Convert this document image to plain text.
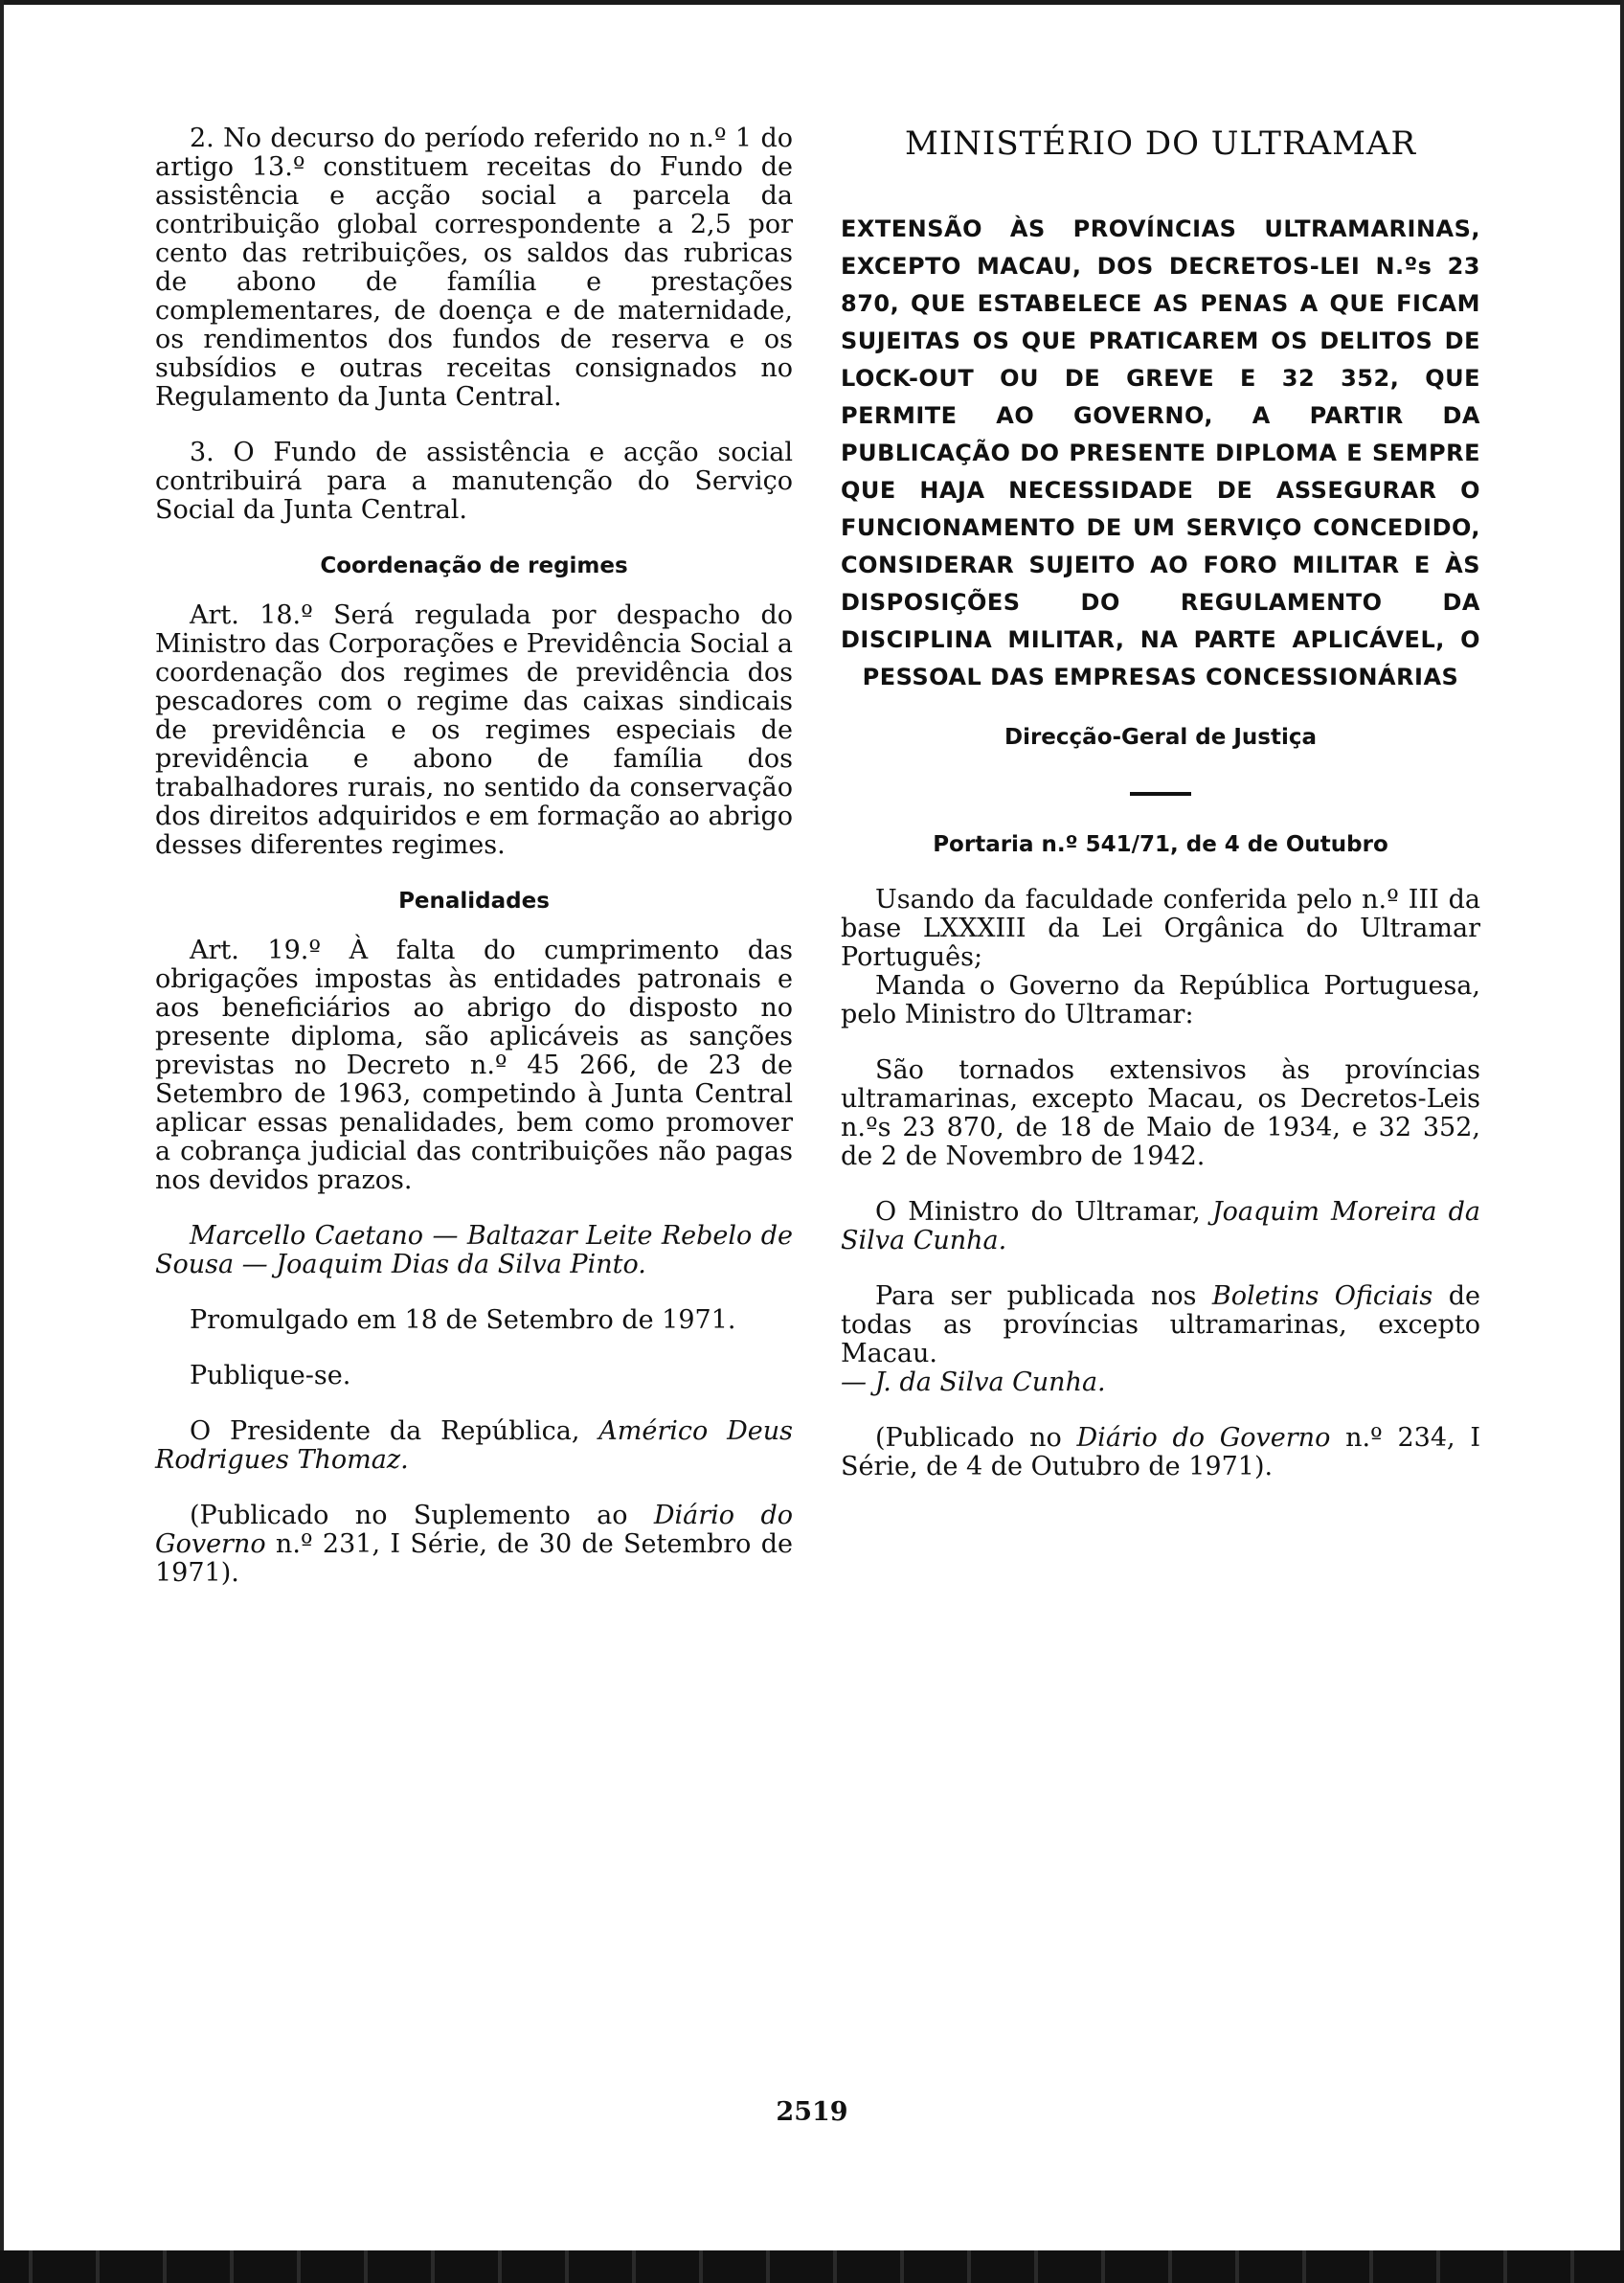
2. No decurso do período referido no n.º 1 do artigo 13.º constituem receitas do Fundo de assistência e acção social a parcela da contribuição global correspondente a 2,5 por cento das retribuições, os saldos das rubricas de abono de família e prestações complementares, de doença e de maternidade, os rendimentos dos fundos de reserva e os subsídios e outras receitas consignados no Regulamento da Junta Central.

3. O Fundo de assistência e acção social contribuirá para a manutenção do Serviço Social da Junta Central.

Coordenação de regimes

Art. 18.º Será regulada por despacho do Ministro das Corporações e Previdência Social a coordenação dos regimes de previdência dos pescadores com o regime das caixas sindicais de previdência e os regimes especiais de previdência e abono de família dos trabalhadores rurais, no sentido da conservação dos direitos adquiridos e em formação ao abrigo desses diferentes regimes.

Penalidades

Art. 19.º À falta do cumprimento das obrigações impostas às entidades patronais e aos beneficiários ao abrigo do disposto no presente diploma, são aplicáveis as sanções previstas no Decreto n.º 45 266, de 23 de Setembro de 1963, competindo à Junta Central aplicar essas penalidades, bem como promover a cobrança judicial das contribuições não pagas nos devidos prazos.

Marcello Caetano — Baltazar Leite Rebelo de Sousa — Joaquim Dias da Silva Pinto.

Promulgado em 18 de Setembro de 1971.

Publique-se.

O Presidente da República, Américo Deus Rodrigues Thomaz.

(Publicado no Suplemento ao Diário do Governo n.º 231, I Série, de 30 de Setembro de 1971).

MINISTÉRIO DO ULTRAMAR
EXTENSÃO ÀS PROVÍNCIAS ULTRAMARINAS, EXCEPTO MACAU, DOS DECRETOS-LEI N.ºs 23 870, QUE ESTABELECE AS PENAS A QUE FICAM SUJEITAS OS QUE PRATICAREM OS DELITOS DE LOCK-OUT OU DE GREVE E 32 352, QUE PERMITE AO GOVERNO, A PARTIR DA PUBLICAÇÃO DO PRESENTE DIPLOMA E SEMPRE QUE HAJA NECESSIDADE DE ASSEGURAR O FUNCIONAMENTO DE UM SERVIÇO CONCEDIDO, CONSIDERAR SUJEITO AO FORO MILITAR E ÀS DISPOSIÇÕES DO REGULAMENTO DA DISCIPLINA MILITAR, NA PARTE APLICÁVEL, O PESSOAL DAS EMPRESAS CONCESSIONÁRIAS
Direcção-Geral de Justiça
Portaria n.º 541/71, de 4 de Outubro

Usando da faculdade conferida pelo n.º III da base LXXXIII da Lei Orgânica do Ultramar Português;

Manda o Governo da República Portuguesa, pelo Ministro do Ultramar:

São tornados extensivos às províncias ultramarinas, excepto Macau, os Decretos-Leis n.ºs 23 870, de 18 de Maio de 1934, e 32 352, de 2 de Novembro de 1942.

O Ministro do Ultramar, Joaquim Moreira da Silva Cunha.

Para ser publicada nos Boletins Oficiais de todas as províncias ultramarinas, excepto Macau.
— J. da Silva Cunha.

(Publicado no Diário do Governo n.º 234, I Série, de 4 de Outubro de 1971).

2519
